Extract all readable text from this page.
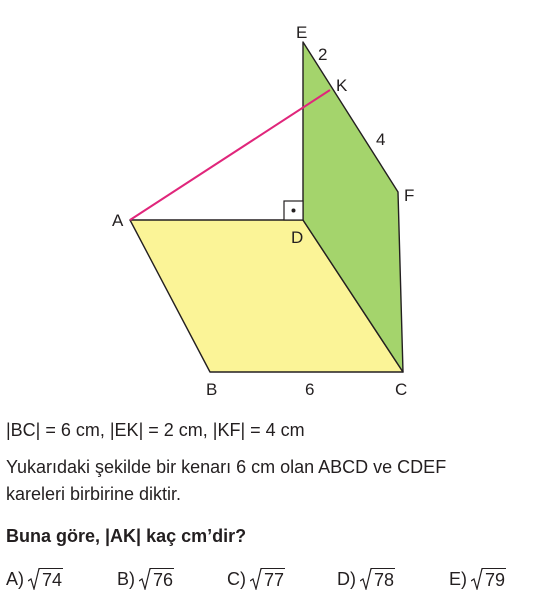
E
K
F
A
D
B	C
2
4
6
|BC| = 6 cm, |EK| = 2 cm, |KF| = 4 cm
Yukarıdaki şekilde bir kenarı 6 cm olan ABCD ve CDEF
kareleri birbirine diktir.
Buna göre, |AK| kaç cm’dir?
A) 74	B) 76	C) 77	D) 78	E) 79
